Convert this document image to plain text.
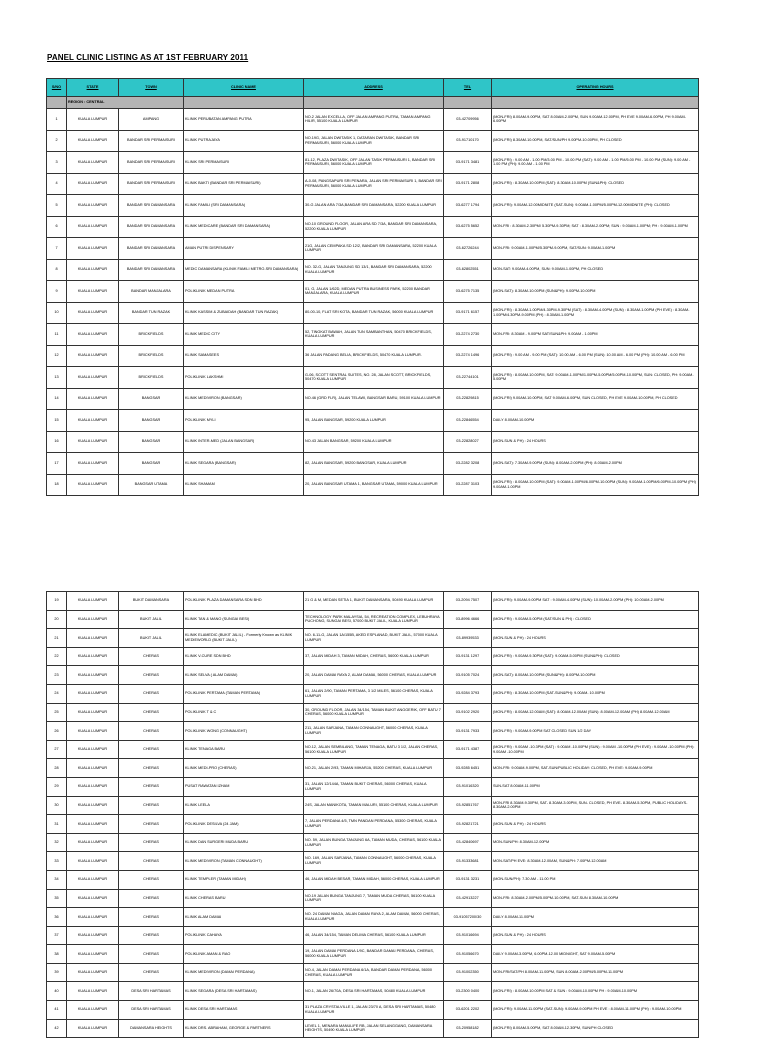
PANEL CLINIC LISTING AS AT 1ST FEBRUARY 2011
S/NO	STATE	TOWN	CLINIC NAME	ADDRESS	TEL	OPERATING HOURS
	REGION : CENTRAL					
1	KUALA LUMPUR	AMPANG	KLINIK PERUBATAN AMPANG PUTRA	NO.2 JALAN EXCELLA, OFF JALAN AMPANG PUTRA, TAMAN AMPANG HILIR, 55100 KUALA LUMPUR	03-42709956	(MON-FRI) 8.00AM-9.00PM, SAT 8.00AM-2.00PM, SUN 9.00AM-12.00PM, PH EVE 9.00AM-6.00PM, PH 9.00AM-6.00PM
2	KUALA LUMPUR	BANDAR SRI PERMAISURI	KLINIK PUTRAJAYA	NO.19G, JALAN DWITASIK 1, DATARAN DWITASIK, BANDAR SRI PERMAISURI, 56000 KUALA LUMPUR	03-91710170	(MON-FRI) 8.30AM-10.00PM, SAT/SUN/PH 9.00PM-10.00PM, PH CLOSED
3	KUALA LUMPUR	BANDAR SRI PERMAISURI	KLINIK SRI PERMAISURI	81-12, PLAZA DWITASIK, OFF JALAN TASIK PERMAISURI 1, BANDAR SRI PERMAISURI, 56000 KUALA LUMPUR	03-9171 3481	(MON-FRI) : 9.00 AM - 1.00 PM/3.00 PM - 10.00 PM (SAT): 9.00 AM - 1.00 PM/5.00 PM - 10.00 PM (SUN): 9.00 AM - 1.00 PM (PH): 9.00 AM - 1.00 PM
4	KUALA LUMPUR	BANDAR SRI PERMAISURI	KLINIK BAKTI (BANDAR SRI PERMAISURI)	A-0-08, PANGSAPURI SRI PENARA, JALAN SRI PERMAISURI 1, BANDAR SRI PERMAISURI, 56000 KUALA LUMPUR	03-9171 2808	(MON-FRI) : 8.30AM-10.00PM (SAT): 8.30AM-10.00PM (SUN&PH): CLOSED
5	KUALA LUMPUR	BANDAR SRI DAMANSARA	KLINIK FAMILI (SRI DAMANSARA)	30-G JALAN ARA 7/3A,BANDAR SRI DAMANSARA, 52200 KUALA LUMPUR	03-6277 1794	(MON-FRI): 9.00AM-12.00MIDNITE (SAT-SUN): 9.00AM-1.00PM/5.00PM-12.00MIDNITE (PH): CLOSED
6	KUALA LUMPUR	BANDAR SRI DAMANSARA	KLINIK MEDICARE (BANDAR SRI DAMANSARA)	NO.10 GROUND FLOOR, JALAN ARA SD 7/3A, BANDAR SRI DAMANSARA, 52200 KUALA LUMPUR	03-6275 5652	MON-FRI : 8.30AM-2.30PM/ 5.30PM-9.30PM; SAT : 8.30AM-2.00PM; SUN : 9.00AM-1.00PM; PH : 9.00AM-1.00PM
7	KUALA LUMPUR	BANDAR SRI DAMANSARA	AMAN PUTRI DISPENSARY	21G, JALAN CEMPAKA SD 12/2, BANDAR SRI DAMANSARA, 52200 KUALA LUMPUR	03-62726244	MON-FRI: 9.00AM-1.00PM/5.30PM-9.00PM, SAT/SUN: 9.00AM-1.00PM
8	KUALA LUMPUR	BANDAR SRI DAMANSARA	MEDIC DAMANSARA (KLINIK FAMILI METRO-SRI DAMANSARA)	NO. 32-G, JALAN TANJUNG SD 13/1, BANDAR SRI DAMANSARA, 52200 KUALA LUMPUR	03-62802551	MON-SAT: 9.00AM-4.00PM, SUN: 9.00AM-1.00PM, PH CLOSED
9	KUALA LUMPUR	BANDAR MANJALARA	POLIKLINIK MEDAN PUTRA	01, G, JALAN 1/62D, MEDAN PUTRA BUSINESS PARK, 52200 BANDAR MANJALARA, KUALA LUMPUR	03-6275 7135	(MON-SAT): 8.30AM-10.00PM (SUN&PH): 9.00PM-10.00PM
10	KUALA LUMPUR	BANDAR TUN RAZAK	KLINIK KASSIM & ZUBAIDAH (BANDAR TUN RAZAK)	80-00-10, FLAT SRI KOTA, BANDAR TUN RAZAK, 56000 KUALA LUMPUR	03-9171 6157	(MON-FRI) : 8.30AM-1.00PM/4.30PM-9.30PM (SAT) : 8.30AM-4.00PM (SUN) : 8.30AM-1.00PM (PH EVE) : 8.30AM-1.00PM/4.30PM-9.00PM (PH) : 8.30AM-1.00PM
11	KUALA LUMPUR	BRICKFIELDS	KLINIK MEDIC CITY	52, TINGKAT BAWAH, JALAN TUN SAMBANTHAN, 50470 BRICKFIELDS, KUALA LUMPUR	03-2274 2730	MON-FRI: 8.30AM - 9.00PM SAT/SUN&PH: 9.00AM - 1.00PM
12	KUALA LUMPUR	BRICKFIELDS	KLINIK SAMASEES	36 JALAN PADANG BELIA, BRICKFIELDS, 50470 KUALA LUMPUR.	03-2274 1496	(MON-FRI) : 9.00 AM - 9.00 PM (SAT): 10.00 AM - 6.00 PM (SUN): 10.00 AM - 6.00 PM (PH): 10.00 AM - 6.00 PM
13	KUALA LUMPUR	BRICKFIELDS	POLIKLINIK LAKSHMI	G-06, SCOTT SENTRAL SUITES, NO. 28, JALAN SCOTT, BRICKFIELDS, 50470 KUALA LUMPUR	03-22744101	(MON-FRI) : 8.00AM-10.00PM, SAT: 9.00AM-1.00PM/1.00PM-5.00PM/5.00PM-10.00PM, SUN: CLOSED, PH: 9.00AM-5.00PM
14	KUALA LUMPUR	BANGSAR	KLINIK MEDIVIRON (BANGSAR)	NO.46 (GRD FLR), JALAN TELAWI, BANGSAR BARU, 59100 KUALA LUMPUR	03-22829815	(MON-FRI) 9.00AM-10.00PM, SAT 9.00AM-6.00PM, SUN CLOSED, PH EVE 9.00AM-10.00PM, PH CLOSED
15	KUALA LUMPUR	BANGSAR	POLIKLINIK MYLI	95, JALAN BANGSAR, 59200 KUALA LUMPUR	03-22846554	DAILY 8.00AM-10.00PM
16	KUALA LUMPUR	BANGSAR	KLINIK INTER-MED (JALAN BANGSAR)	NO.43 JALAN BANGSAR, 59200 KUALA LUMPUR	03-22828027	(MON-SUN & PH) : 24 HOURS
17	KUALA LUMPUR	BANGSAR	KLINIK SEGARA (BANGSAR)	82, JALAN BANGSAR, 59200 BANGSAR, KUALA LUMPUR	03-2282 3208	(MON-SAT): 7.30AM-9.00PM (SUN): 8.00AM-2.00PM (PH): 8.00AM-2.00PM
18	KUALA LUMPUR	BANGSAR UTAMA	KLINIK SHAMAM	20, JALAN BANGSAR UTAMA 1, BANGSAR UTAMA, 59000 KUALA LUMPUR	03-2287 3103	(MON-FRI) : 8.00AM-10.00PM (SAT): 9.00AM-1.00PM/6.00PM-10.00PM (SUN): 9.00AM-1.00PM/6.00PM-10.00PM (PH) 9.00AM-1.00PM
19	KUALA LUMPUR	BUKIT DAMANSARA	POLIKLINIK PLAZA DAMANSARA SDN BHD	21 G & M, MEDAN SETIA 1, BUKIT DAMANSARA, 50490 KUALA LUMPUR	03-2094 7507	(MON-FRI): 9.00AM-9.00PM SAT : 9.00AM-4.00PM (SUN): 10.00AM-2.00PM (PH): 10.00AM-2.00PM
20	KUALA LUMPUR	BUKIT JALIL	KLINIK TAN & MANO (SUNGAI BESI)	TECHNOLOGY PARK MALAYSIA, 54, RECREATION COMPLEX, LEBUHRAYA PUCHONG, SUNGAI BESI, 57000 BUKIT JALIL, KUALA LUMPUR	03-8996 4666	(MON-FRI) : 9.00AM-5.00PM (SAT/SUN & PH) : CLOSED
21	KUALA LUMPUR	BUKIT JALIL	KLINIK ELAMEDIC (BUKIT JALIL) - Formerly Known as KLINIK MEDIEWORLD (BUKIT JALIL)	NO. 6-11-G, JALAN 1A/155B, AKED ESPLANAD, BUKIT JALIL, 57000 KUALA LUMPUR	03-89939533	(MON-SUN & PH) : 24 HOURS
22	KUALA LUMPUR	CHERAS	KLINIK V-CURE SDN BHD	37, JALAN MIDAH 3, TAMAN MIDAH, CHERAS, 56000 KUALA LUMPUR	03-9131 1297	(MON-FRI) : 9.00AM-9.30PM (SAT): 9.00AM-5.00PM (SUN&PH): CLOSED
23	KUALA LUMPUR	CHERAS	KLINIK SELVA ( ALAM DAMAI)	20, JALAN DAMAI RAYA 2, ALAM DAMAI, 56000 CHERAS, KUALA LUMPUR	03-9105 7024	(MON-SAT): 8.00AM-10.00PM (SUN&PH): 8.00PM-10.00PM
24	KUALA LUMPUR	CHERAS	POLIKLINIK PERTAMA (TAMAN PERTAMA)	61, JALAN 2/90, TAMAN PERTAMA, 3 1/2 MILES, 56100 CHERAS, KUALA LUMPUR	03-9284 3793	(MON-FRI) : 8.30AM-10.00PM (SAT-SUN&PH): 9.00AM- 10.00PM
25	KUALA LUMPUR	CHERAS	POLIKLINIK T & C	30, GROUND FLOOR, JALAN 34/154, TAMAN BUKIT ANGGERIK, OFF BATU 7 CHERAS, 56000 KUALA LUMPUR	03-9102 2920	(MON-FRI) : 8.00AM-12.00AM (SAT): 8.00AM-12.00AM (SUN): 8.00AM-12.00AM (PH) 8.00AM-12.00AM
26	KUALA LUMPUR	CHERAS	POLIKLINIK WONG (CONNAUGHT)	211, JALAN SARJANA, TAMAN CONNAUGHT, 56000 CHERAS, KUALA LUMPUR	03-9131 7933	(MON-FRI) : 9.00AM-9.00PM SAT CLOSED SUN 1/2 DAY
27	KUALA LUMPUR	CHERAS	KLINIK TENAGA BARU	NO.12, JALAN SEMBILANG, TAMAN TENAGA, BATU 3 1/2, JALAN CHERAS, 56100 KUALA LUMPUR	03-9171 4387	(MON-FRI) : 9.00AM -10.3PM (SAT) : 9.00AM -10.00PM (SUN) : 9.00AM -10.00PM (PH EVE) : 9.00AM -10.00PM (PH): 9.00AM -10.00PM
28	KUALA LUMPUR	CHERAS	KLINIK MEDI-PRO (CHERAS)	NO.21, JALAN 2/93, TAMAN MIHARJA, 55200 CHERAS, KUALA LUMPUR	03-9285 6451	MON-FRI: 9.00AM-9.00PM, SAT-SUN/PUBLIC HOLIDAY: CLOSED, PH EVE: 9.00AM-9.00PM
29	KUALA LUMPUR	CHERAS	PUSAT RAWATAN IZHAM	31, JALAN 12/144A, TAMAN BUKIT CHERAS, 56000 CHERAS, KUALA LUMPUR	03-91016320	SUN-SAT 8.00AM-11.00PM
30	KUALA LUMPUR	CHERAS	KLINIK LEELA	24S, JALAN MANIKOTA, TAMAN MALURI, 55100 CHERAS, KUALA LUMPUR	03-92851767	MON-FRI 8.30AM-9.30PM, SAT- 8.30AM-3.00PM, SUN- CLOSED, PH EVE- 8.30AM-5.30PM, PUBLIC HOLIDAYS- 8.30AM-2.00PM
31	KUALA LUMPUR	CHERAS	POLIKLINIK DESILVA (24 JAM)	7, JALAN PERDANA 4/5, TMN PANDAN PERDANA, 55300 CHERAS, KUALA LUMPUR	03-92821721	(MON-SUN & PH) : 24 HOURS
32	KUALA LUMPUR	CHERAS	KLINIK DAN SURGERI MUDA BARU	NO. 59, JALAN BUNGA TANJUNG 6A, TAMAN MUDA, CHERAS, 56100 KUALA LUMPUR	03-42840697	MON-SUN/PH: 8.30AM-12.00PM
33	KUALA LUMPUR	CHERAS	KLINIK MEDIVIRON (TAMAN CONNAUGHT)	NO. 169, JALAN SARJANA, TAMAN CONNAUGHT, 56000 CHERAS, KUALA LUMPUR	03-91333681	MON-SAT/PH EVE: 8.30AM-12.00AM, SUN&PH: 7.00PM-12.00AM
34	KUALA LUMPUR	CHERAS	KLINIK TEMPLER (TAMAN MIDAH)	46, JALAN MIDAH BESAR, TAMAN MIDAH, 56000 CHERAS, KUALA LUMPUR	03-9131 3231	(MON-SUN/PH): 7.30 AM - 11.00 PM
35	KUALA LUMPUR	CHERAS	KLINIK CHERAS BARU	NO.19 JALAN BUNGA TANJUNG 7, TAMAN MUDA CHERAS, 56100 KUALA LUMPUR	03-42913227	MON-FRI: 8.30AM-2.00PM/5.00PM-10.00PM, SAT-SUN 8.30AM-10.00PM
36	KUALA LUMPUR	CHERAS	KLINIK ALAM DAMAI	NO. 24 DAMAI NIAGA, JALAN DAMAI RAYA 2, ALAM DAMAI, 56000 CHERAS, KUALA LUMPUR	03-91057200/30	DAILY 8.00AM-11.00PM
37	KUALA LUMPUR	CHERAS	POLIKLINIK CAHAYA	46, JALAN 34/154, TAMAN DELIMA CHERAS, 56100 KUALA LUMPUR	03-91016694	(MON-SUN & PH) : 24 HOURS
38	KUALA LUMPUR	CHERAS	POLIKLINIK AMAN & RAO	19, JALAN DAMAI PERDANA 1/9C, BANDAR DAMAI PERDANA, CHERAS, 56000 KUALA LUMPUR	03-91056670	DAILY 9.00AM-3.00PM, 6.00PM-12.00 MIDNIGHT, SAT 9.00AM-5.00PM
39	KUALA LUMPUR	CHERAS	KLINIK MEDIVIRON (DAMAI PERDANA)	NO.4, JALAN DAMAI PERDANA 6/1A, BANDAR DAMAI PERDANA, 56000 CHERAS, KUALA LUMPUR	03-91002350	MON-FRI/SAT/PH 8.00AM-11.00PM, SUN 8.00AM-2.00PM/5.00PM-11.00PM
40	KUALA LUMPUR	DESA SRI HARTAMAS	KLINIK SEGARA (DESA SRI HARTAMAS)	NO.1, JALAN 26/70A, DESA SRI HARTAMAS, 50480 KUALA LUMPUR	03-2300 0400	(MON-FRI) : 8.00AM-10.00PM SAT & SUN : 9.00AM-10.00PM PH : 9.00AM-10.00PM
41	KUALA LUMPUR	DESA SRI HARTAMAS	KLINIK DESA SRI HARTAMAS	31 PLAZA CRYSTALVILLE 1, JALAN 23/70 A, DESA SRI HARTAMAS, 50480 KUALA LUMPUR	03-6201 2202	(MON-FRI): 9.00AM-11.00PM (SAT-SUN): 9.00AM-9.00PM PH EVE : 8.00AM-11.00PM (PH) : 9.00AM-10.00PM
42	KUALA LUMPUR	DAMANSARA HEIGHTS	KLINIK DRS. ABRAHAM, GEORGE & PARTNERS	LEVEL 1, MENARA MANULIFE RB, JALAN SELANGGANG, DAMANSARA HEIGHTS, 50490 KUALA LUMPUR	03-20958182	(MON-FRI) 8.00AM-5.00PM, SAT 8.00AM-12.30PM, SUN/PH CLOSED
